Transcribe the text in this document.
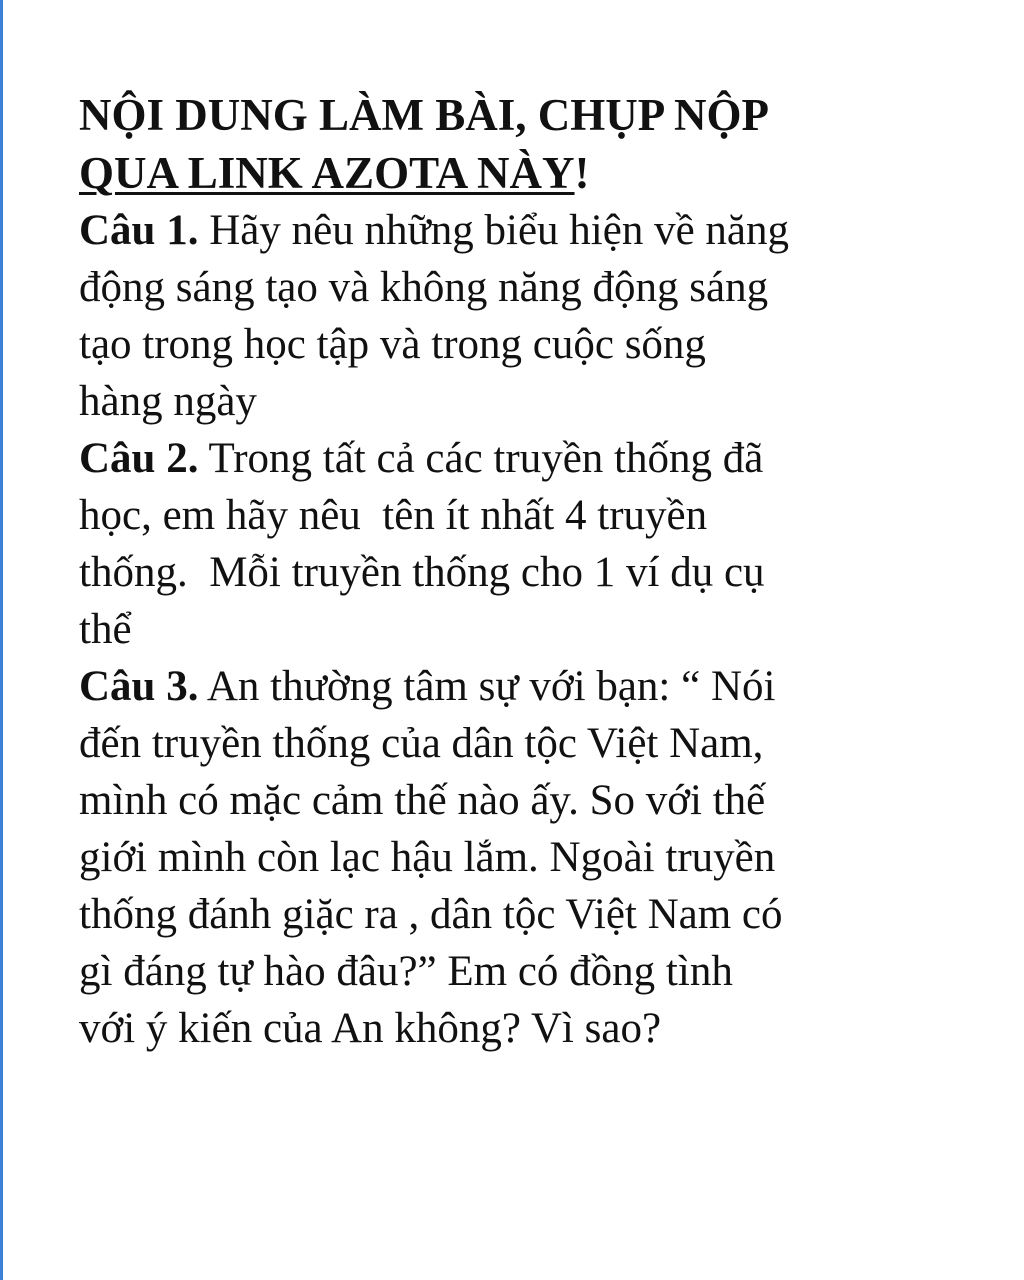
NỘI DUNG LÀM BÀI, CHỤP NỘP
QUA LINK AZOTA NÀY!

Câu 1. Hãy nêu những biểu hiện về năng
động sáng tạo và không năng động sáng
tạo trong học tập và trong cuộc sống
hàng ngày

Câu 2. Trong tất cả các truyền thống đã
học, em hãy nêu  tên ít nhất 4 truyền
thống.  Mỗi truyền thống cho 1 ví dụ cụ
thể

Câu 3. An thường tâm sự với bạn: “ Nói
đến truyền thống của dân tộc Việt Nam,
mình có mặc cảm thế nào ấy. So với thế
giới mình còn lạc hậu lắm. Ngoài truyền
thống đánh giặc ra , dân tộc Việt Nam có
gì đáng tự hào đâu?” Em có đồng tình
với ý kiến của An không? Vì sao?
